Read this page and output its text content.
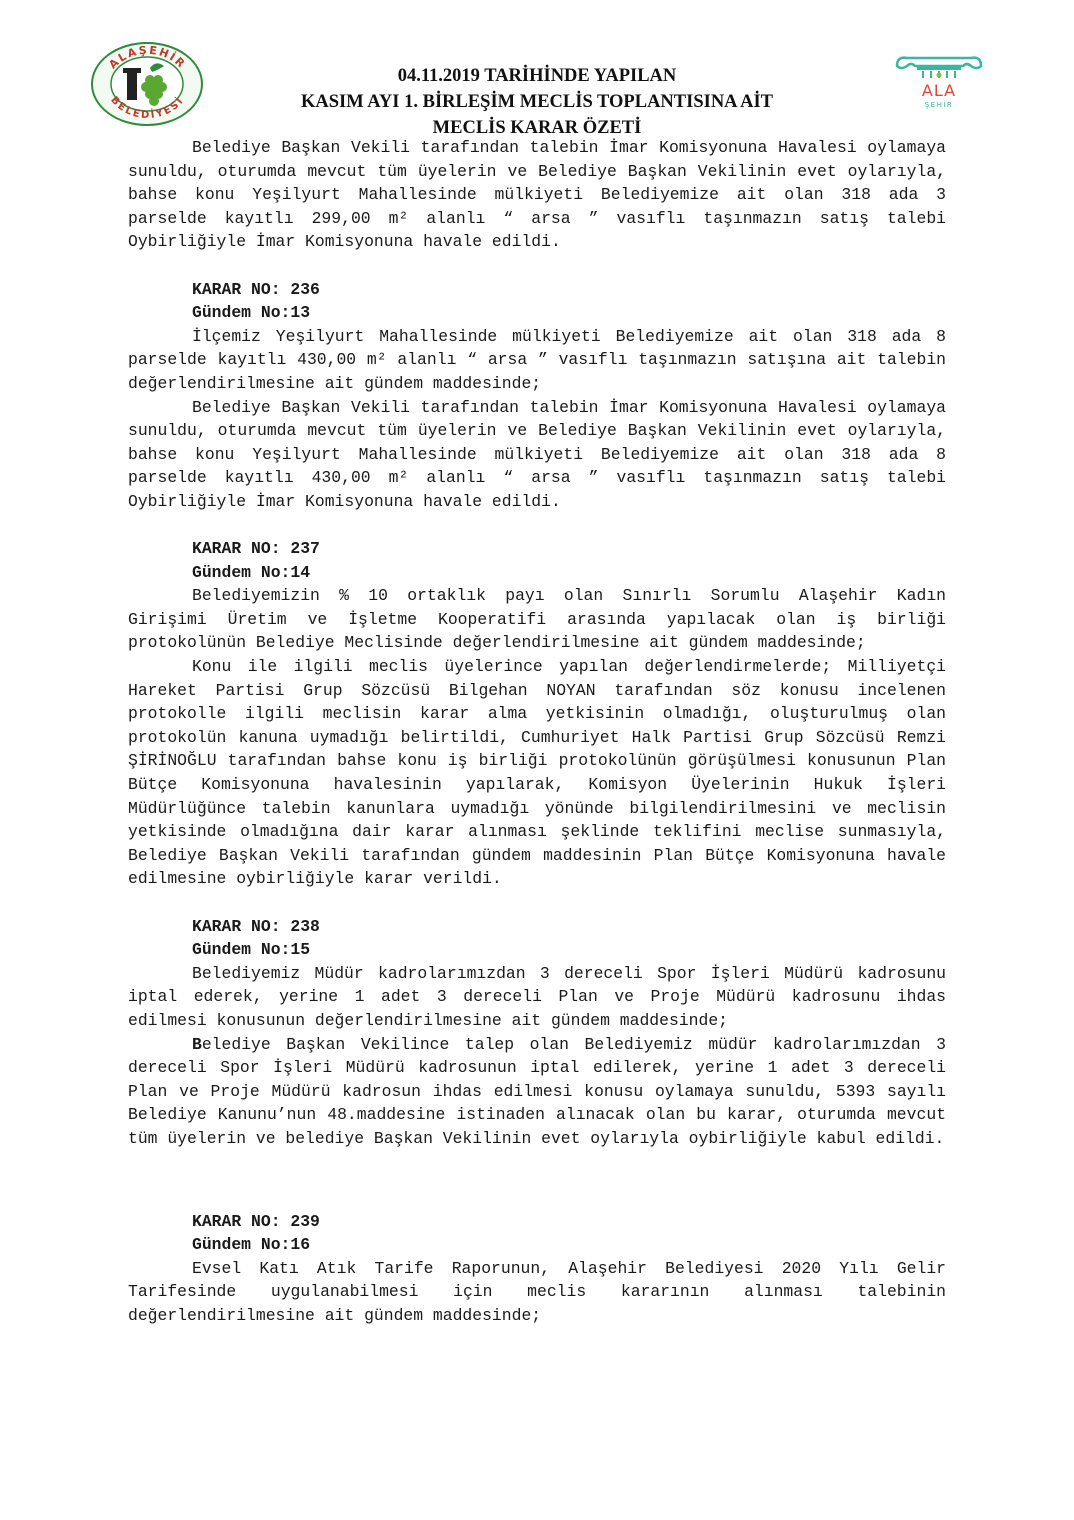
ALAŞEHİR
BELEDİYESİ
ALA
ŞEHİR
04.11.2019 TARİHİNDE YAPILAN
KASIM AYI 1. BİRLEŞİM MECLİS TOPLANTISINA AİT
MECLİS KARAR ÖZETİ

Belediye Başkan Vekili tarafından talebin İmar Komisyonuna Havalesi oylamaya sunuldu, oturumda mevcut tüm üyelerin ve Belediye Başkan Vekilinin evet oylarıyla, bahse konu Yeşilyurt Mahallesinde mülkiyeti Belediyemize ait olan 318 ada 3 parselde kayıtlı 299,00 m² alanlı “ arsa ” vasıflı taşınmazın satış talebi Oybirliğiyle İmar Komisyonuna havale edildi.

KARAR NO: 236

Gündem No:13

İlçemiz Yeşilyurt Mahallesinde mülkiyeti Belediyemize ait olan 318 ada 8 parselde kayıtlı 430,00 m² alanlı “ arsa ” vasıflı taşınmazın satışına ait talebin değerlendirilmesine ait gündem maddesinde;

Belediye Başkan Vekili tarafından talebin İmar Komisyonuna Havalesi oylamaya sunuldu, oturumda mevcut tüm üyelerin ve Belediye Başkan Vekilinin evet oylarıyla, bahse konu Yeşilyurt Mahallesinde mülkiyeti Belediyemize ait olan 318 ada 8 parselde kayıtlı 430,00 m² alanlı “ arsa ” vasıflı taşınmazın satış talebi Oybirliğiyle İmar Komisyonuna havale edildi.

KARAR NO: 237

Gündem No:14

Belediyemizin % 10 ortaklık payı olan Sınırlı Sorumlu Alaşehir Kadın Girişimi Üretim ve İşletme Kooperatifi arasında yapılacak olan iş birliği protokolünün Belediye Meclisinde değerlendirilmesine ait gündem maddesinde;

Konu ile ilgili meclis üyelerince yapılan değerlendirmelerde; Milliyetçi Hareket Partisi Grup Sözcüsü Bilgehan NOYAN tarafından söz konusu incelenen protokolle ilgili meclisin karar alma yetkisinin olmadığı, oluşturulmuş olan protokolün kanuna uymadığı belirtildi, Cumhuriyet Halk Partisi Grup Sözcüsü Remzi ŞİRİNOĞLU tarafından bahse konu iş birliği protokolünün görüşülmesi konusunun Plan Bütçe Komisyonuna havalesinin yapılarak, Komisyon Üyelerinin Hukuk İşleri Müdürlüğünce talebin kanunlara uymadığı yönünde bilgilendirilmesini ve meclisin yetkisinde olmadığına dair karar alınması şeklinde teklifini meclise sunmasıyla, Belediye Başkan Vekili tarafından gündem maddesinin Plan Bütçe Komisyonuna havale edilmesine oybirliğiyle karar verildi.

KARAR NO: 238

Gündem No:15

Belediyemiz Müdür kadrolarımızdan 3 dereceli Spor İşleri Müdürü kadrosunu iptal ederek, yerine 1 adet 3 dereceli Plan ve Proje Müdürü kadrosunu ihdas edilmesi konusunun değerlendirilmesine ait gündem maddesinde;

Belediye Başkan Vekilince talep olan Belediyemiz müdür kadrolarımızdan 3 dereceli Spor İşleri Müdürü kadrosunun iptal edilerek, yerine 1 adet 3 dereceli Plan ve Proje Müdürü kadrosun ihdas edilmesi konusu oylamaya sunuldu, 5393 sayılı Belediye Kanunu’nun 48.maddesine istinaden alınacak olan bu karar, oturumda mevcut tüm üyelerin ve belediye Başkan Vekilinin evet oylarıyla oybirliğiyle kabul edildi.

KARAR NO: 239

Gündem No:16

Evsel Katı Atık Tarife Raporunun, Alaşehir Belediyesi 2020 Yılı Gelir Tarifesinde uygulanabilmesi için meclis kararının alınması talebinin değerlendirilmesine ait gündem maddesinde;
